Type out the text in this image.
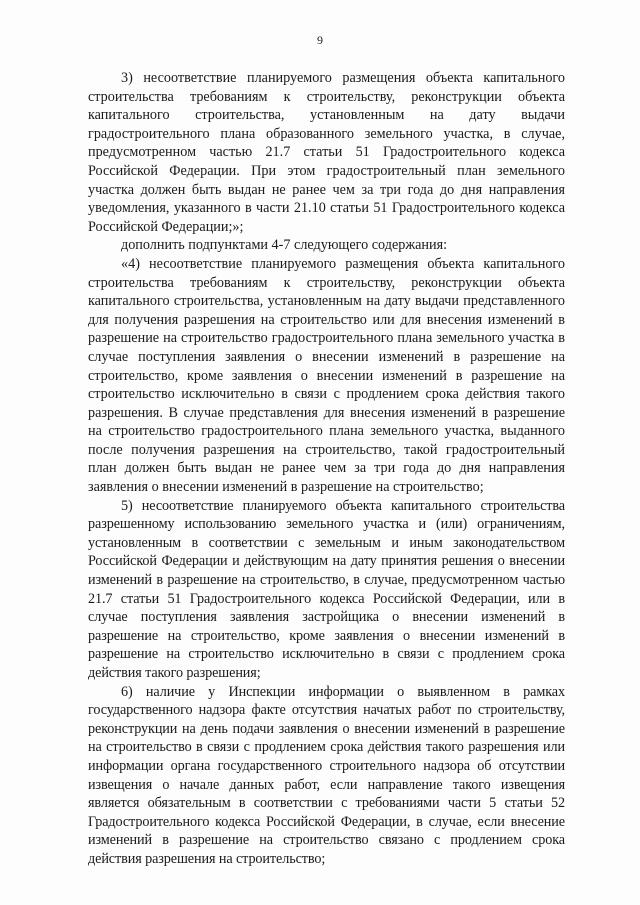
9

3) несоответствие планируемого размещения объекта капитального строительства требованиям к строительству, реконструкции объекта капитального строительства, установленным на дату выдачи градостроительного плана образованного земельного участка, в случае, предусмотренном частью 21.7 статьи 51 Градостроительного кодекса Российской Федерации. При этом градостроительный план земельного участка должен быть выдан не ранее чем за три года до дня направления уведомления, указанного в части 21.10 статьи 51 Градостроительного кодекса Российской Федерации;»;

дополнить подпунктами 4-7 следующего содержания:

«4) несоответствие планируемого размещения объекта капитального строительства требованиям к строительству, реконструкции объекта капитального строительства, установленным на дату выдачи представленного для получения разрешения на строительство или для внесения изменений в разрешение на строительство градостроительного плана земельного участка в случае поступления заявления о внесении изменений в разрешение на строительство, кроме заявления о внесении изменений в разрешение на строительство исключительно в связи с продлением срока действия такого разрешения. В случае представления для внесения изменений в разрешение на строительство градостроительного плана земельного участка, выданного после получения разрешения на строительство, такой градостроительный план должен быть выдан не ранее чем за три года до дня направления заявления о внесении изменений в разрешение на строительство;

5) несоответствие планируемого объекта капитального строительства разрешенному использованию земельного участка и (или) ограничениям, установленным в соответствии с земельным и иным законодательством Российской Федерации и действующим на дату принятия решения о внесении изменений в разрешение на строительство, в случае, предусмотренном частью 21.7 статьи 51 Градостроительного кодекса Российской Федерации, или в случае поступления заявления застройщика о внесении изменений в разрешение на строительство, кроме заявления о внесении изменений в разрешение на строительство исключительно в связи с продлением срока действия такого разрешения;

6) наличие у Инспекции информации о выявленном в рамках государственного надзора факте отсутствия начатых работ по строительству, реконструкции на день подачи заявления о внесении изменений в разрешение на строительство в связи с продлением срока действия такого разрешения или информации органа государственного строительного надзора об отсутствии извещения о начале данных работ, если направление такого извещения является обязательным в соответствии с требованиями части 5 статьи 52 Градостроительного кодекса Российской Федерации, в случае, если внесение изменений в разрешение на строительство связано с продлением срока действия разрешения на строительство;
